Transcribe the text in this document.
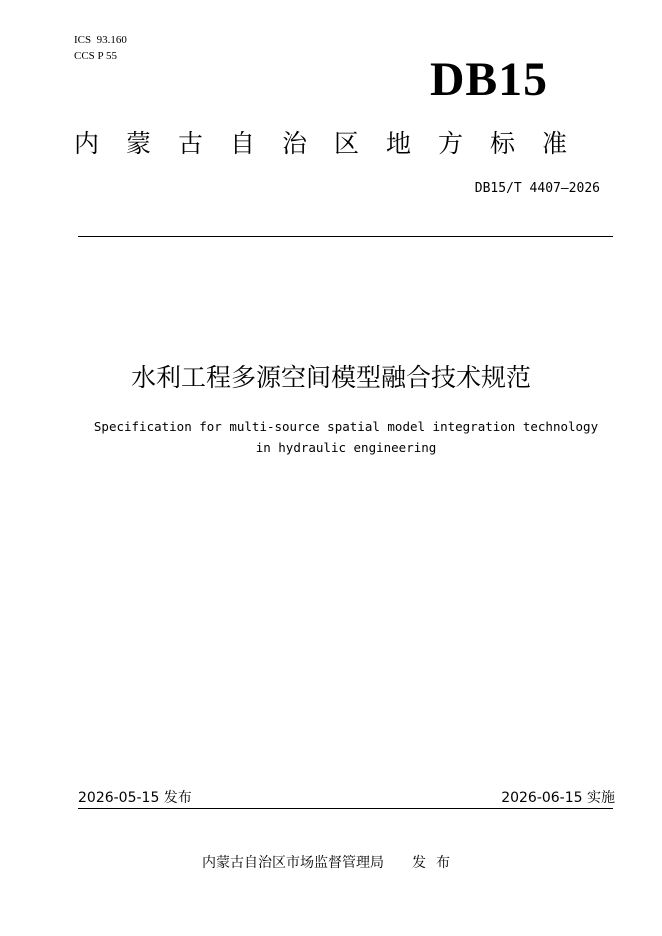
ICS  93.160
CCS P 55	DB15
内蒙古自治区地方标准
DB15/T 4407—2026
水利工程多源空间模型融合技术规范
Specification for multi-source spatial model integration technology
in hydraulic engineering
2026-05-15 发布	2026-06-15 实施
内蒙古自治区市场监督管理局 发布
